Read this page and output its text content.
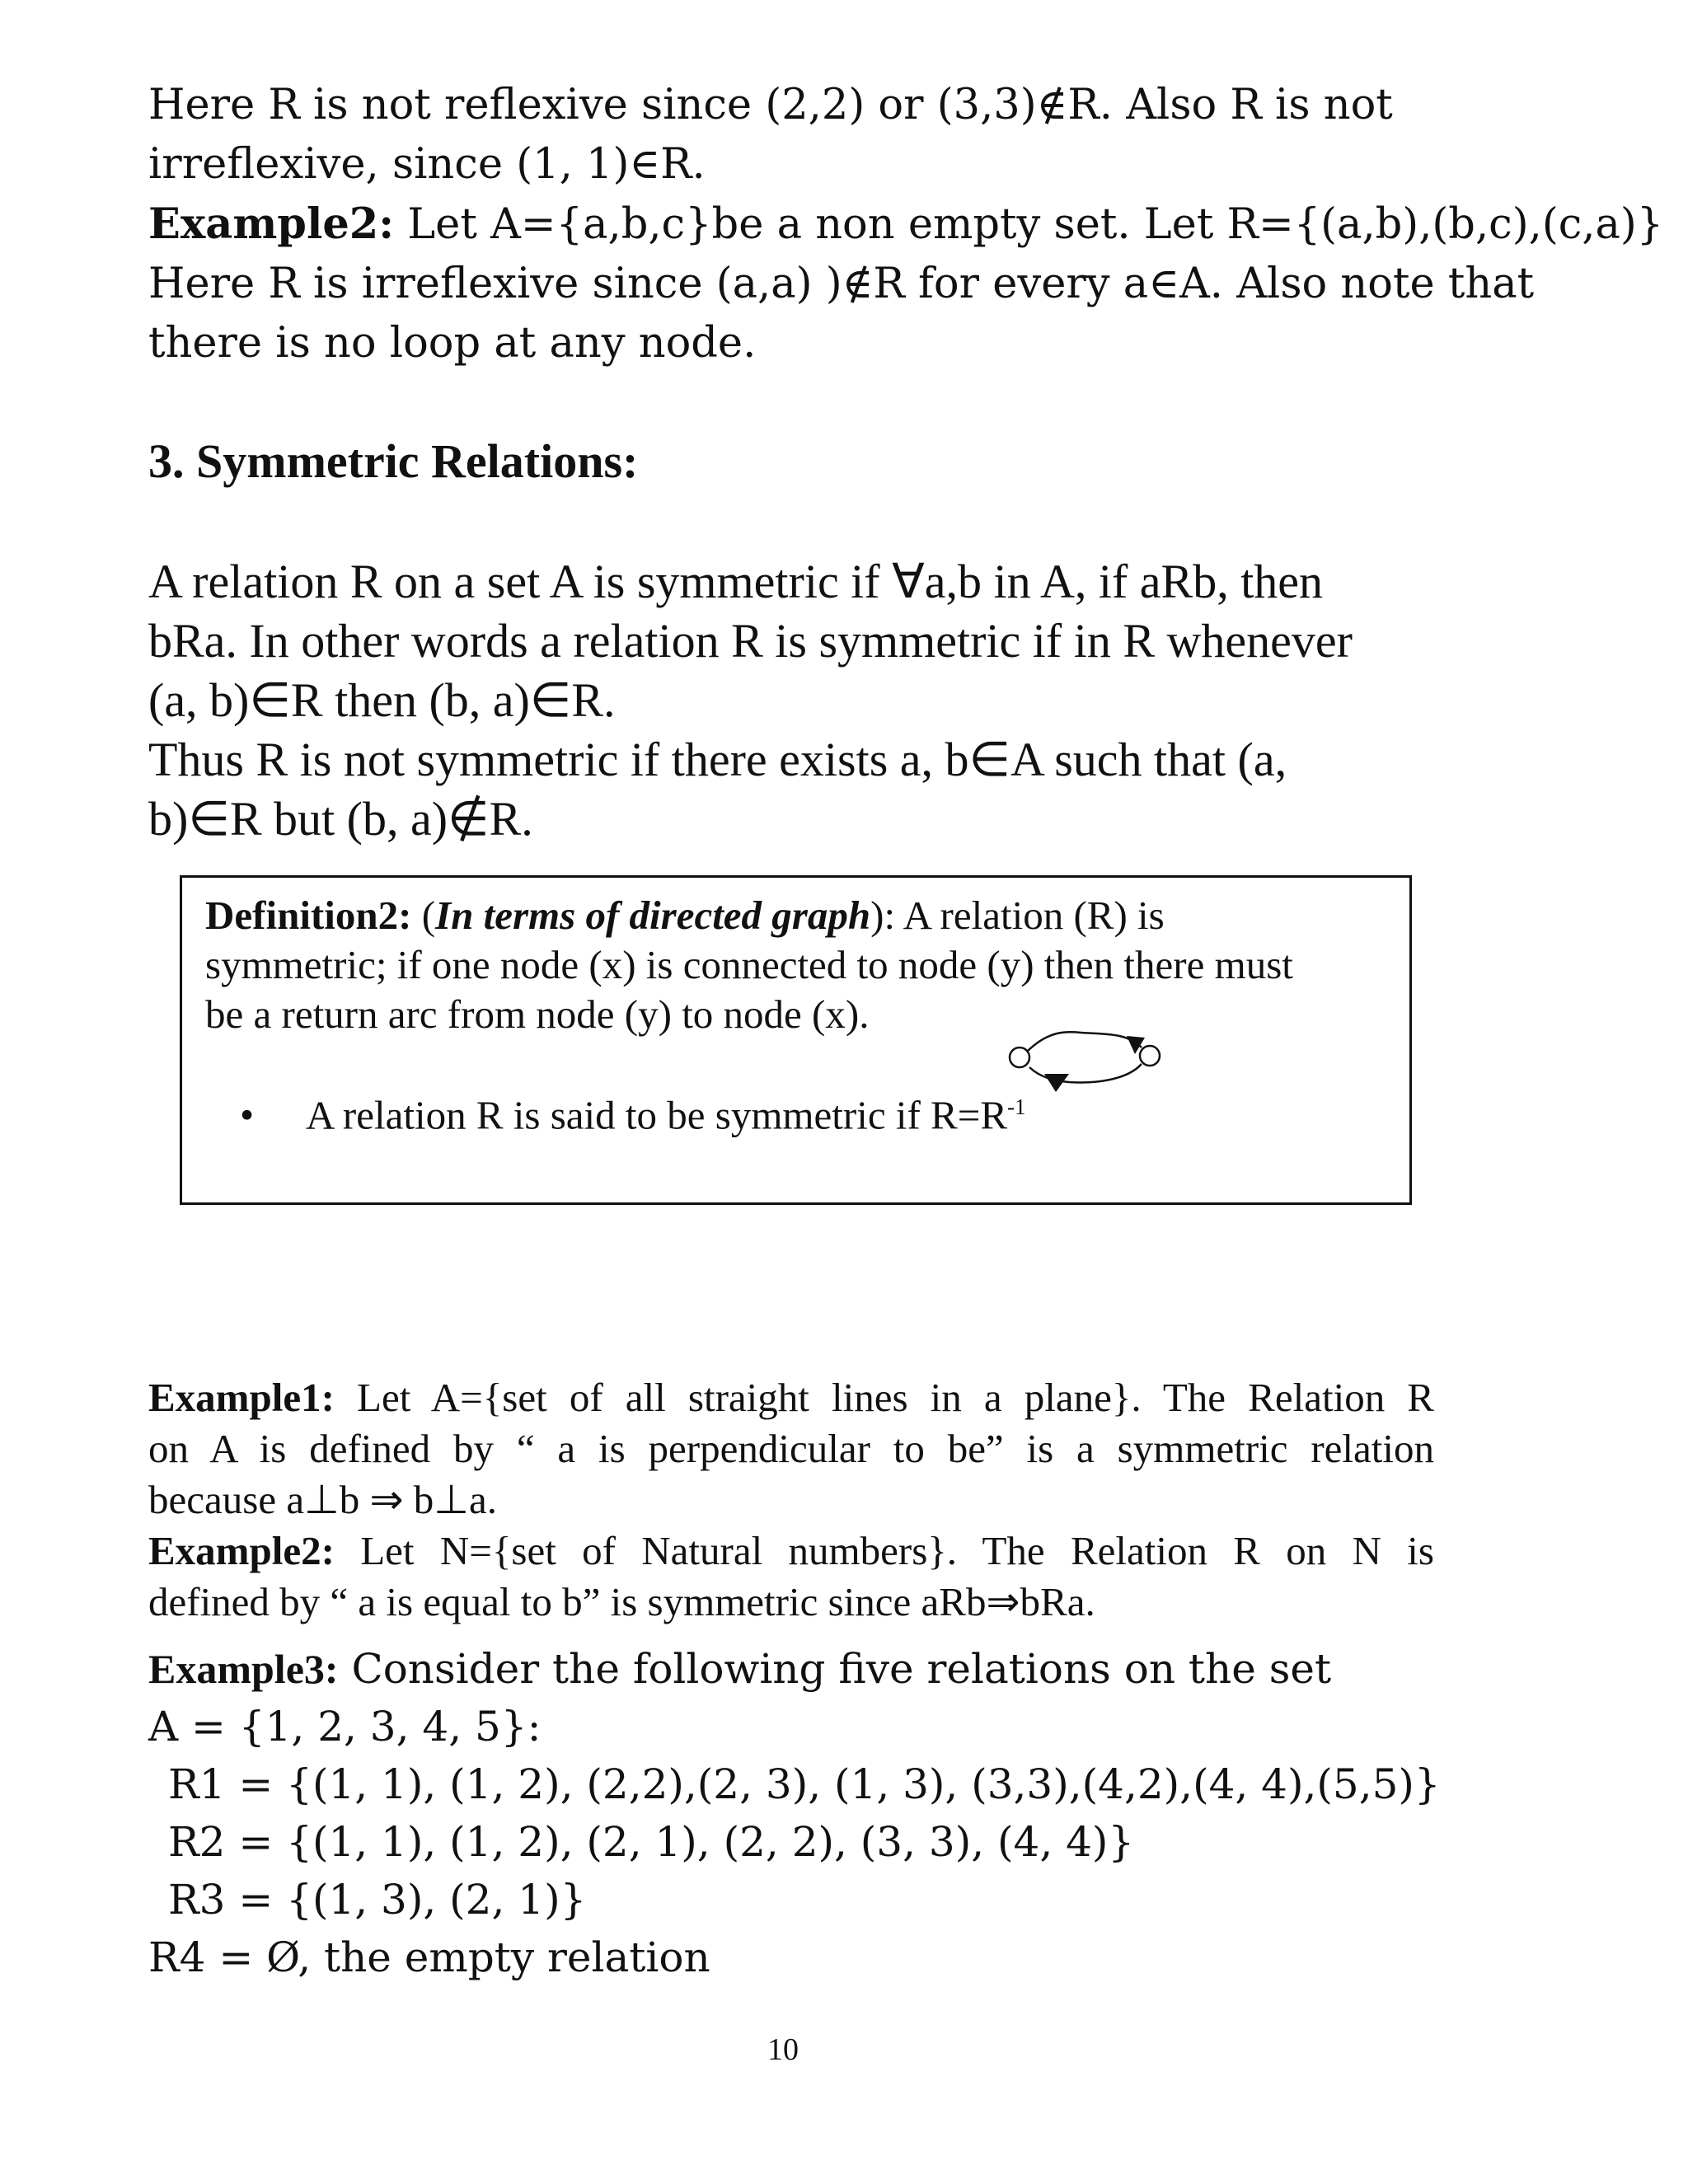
Here R is not reflexive since (2,2) or (3,3)∉R. Also R is not
irreflexive, since (1, 1)∈R.
Example2: Let A={a,b,c}be a non empty set. Let R={(a,b),(b,c),(c,a)}
Here R is irreflexive since (a,a) )∉R for every a∈A. Also note that
there is no loop at any node.
3. Symmetric Relations:
A relation R on a set A is symmetric if ∀a,b in A, if aRb, then
bRa. In other words a relation R is symmetric if in R whenever
(a, b)∈R then (b, a)∈R.
Thus R is not symmetric if there exists a, b∈A such that (a,
b)∈R but (b, a)∉R.
Definition2: (In terms of directed graph): A relation (R) is
symmetric; if one node (x) is connected to node (y) then there must
be a return arc from node (y) to node (x).
• A relation R is said to be symmetric if $R=R^{-1}$
Example1: Let A={set of all straight lines in a plane}. The Relation R
on A is defined by “ a is perpendicular to be” is a symmetric relation
because a⊥b ⇒ b⊥a.
Example2: Let N={set of Natural numbers}. The Relation R on N is
defined by “ a is equal to b” is symmetric since aRb⇒bRa.
Example3: Consider the following five relations on the set
A = {1, 2, 3, 4, 5}:
R1 = {(1, 1), (1, 2), (2,2),(2, 3), (1, 3), (3,3),(4,2),(4, 4),(5,5)}
R2 = {(1, 1), (1, 2), (2, 1), (2, 2), (3, 3), (4, 4)}
R3 = {(1, 3), (2, 1)}
R4 = Ø, the empty relation
10
